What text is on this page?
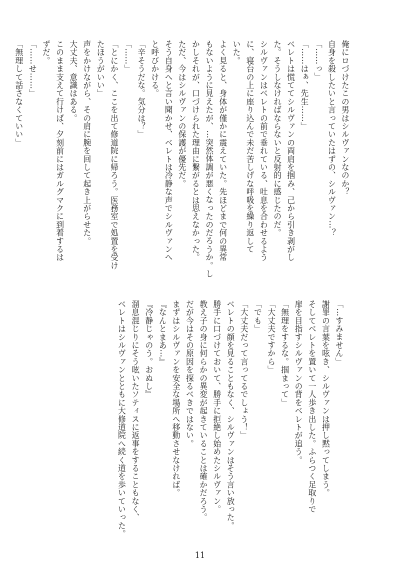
俺にロづけたこの男はシルヴァンなのか？
自身を殺したいと言っていたはずの、シルヴァン…？
「……っ」
「……はぁ、先生……」
ベレトは慌ててシルヴァンの両肩を掴み、己から引き剥がし
た。そうしなければならないと反射的に感じたのだ。
シルヴァンはベレトの前で垂れている、吐息を合わせるよう
に、寝台の上に座り込んで未だ苦しげな呼吸を繰り返して
いた。
よく見ると、身体が僅かに震えていた。先ほどまで何の異常
もないように見えたが、…突然体調が悪くなったのだろうか。し
かしそれが、口づけられた理由に繋がるとは思えなかった。
ただ、今はシルヴァンの保護が優先だ。
そう自身へと言い聞かせ、ベレトは冷静な声でシルヴァンへ
と呼びかける。
「辛そうだな。気分は？」
「……」
「とにかく、ここを出て修道院に帰ろう。医務室で処置を受け
たほうがいい」
声をかけながら、その肩に腕を回して起き上がらせた。
大丈夫、意識はある。
このまま支えて行けば、夕刻前にはガルグマクに到着するは
ずだ。
「……せ……」
「無理して話さなくていい」
「…すみません」
謝罪の言葉を呟き、シルヴァンは押し黙ってしまう。
そしてベレトを置いて一人歩き出した。ふらつく足取りで
扉を目指すシルヴァンの背をベレトが追う。
「無理をするな。掴まって」
「大丈夫ですから」
「でも」
「大丈夫だって言ってるでしょう！」
ベレトの顔を見ることもなく、シルヴァンはそう言い放った。
勝手に口づけておいて、勝手に拒絶し始めたシルヴァン。
教え子の身に何らかの異変が起きていることは確かだろう。
だが今はその原因を探るべきではない。
まずはシルヴァンを安全な場所へ移動させなければ。
『なんとまあ…』
『冷静じゃのう。おぬし』
溜息混じりにそう呟いたソティスに返事をすることもなく、
ベレトはシルヴァンとともに大修道院へ続く道を歩いていった。
11
